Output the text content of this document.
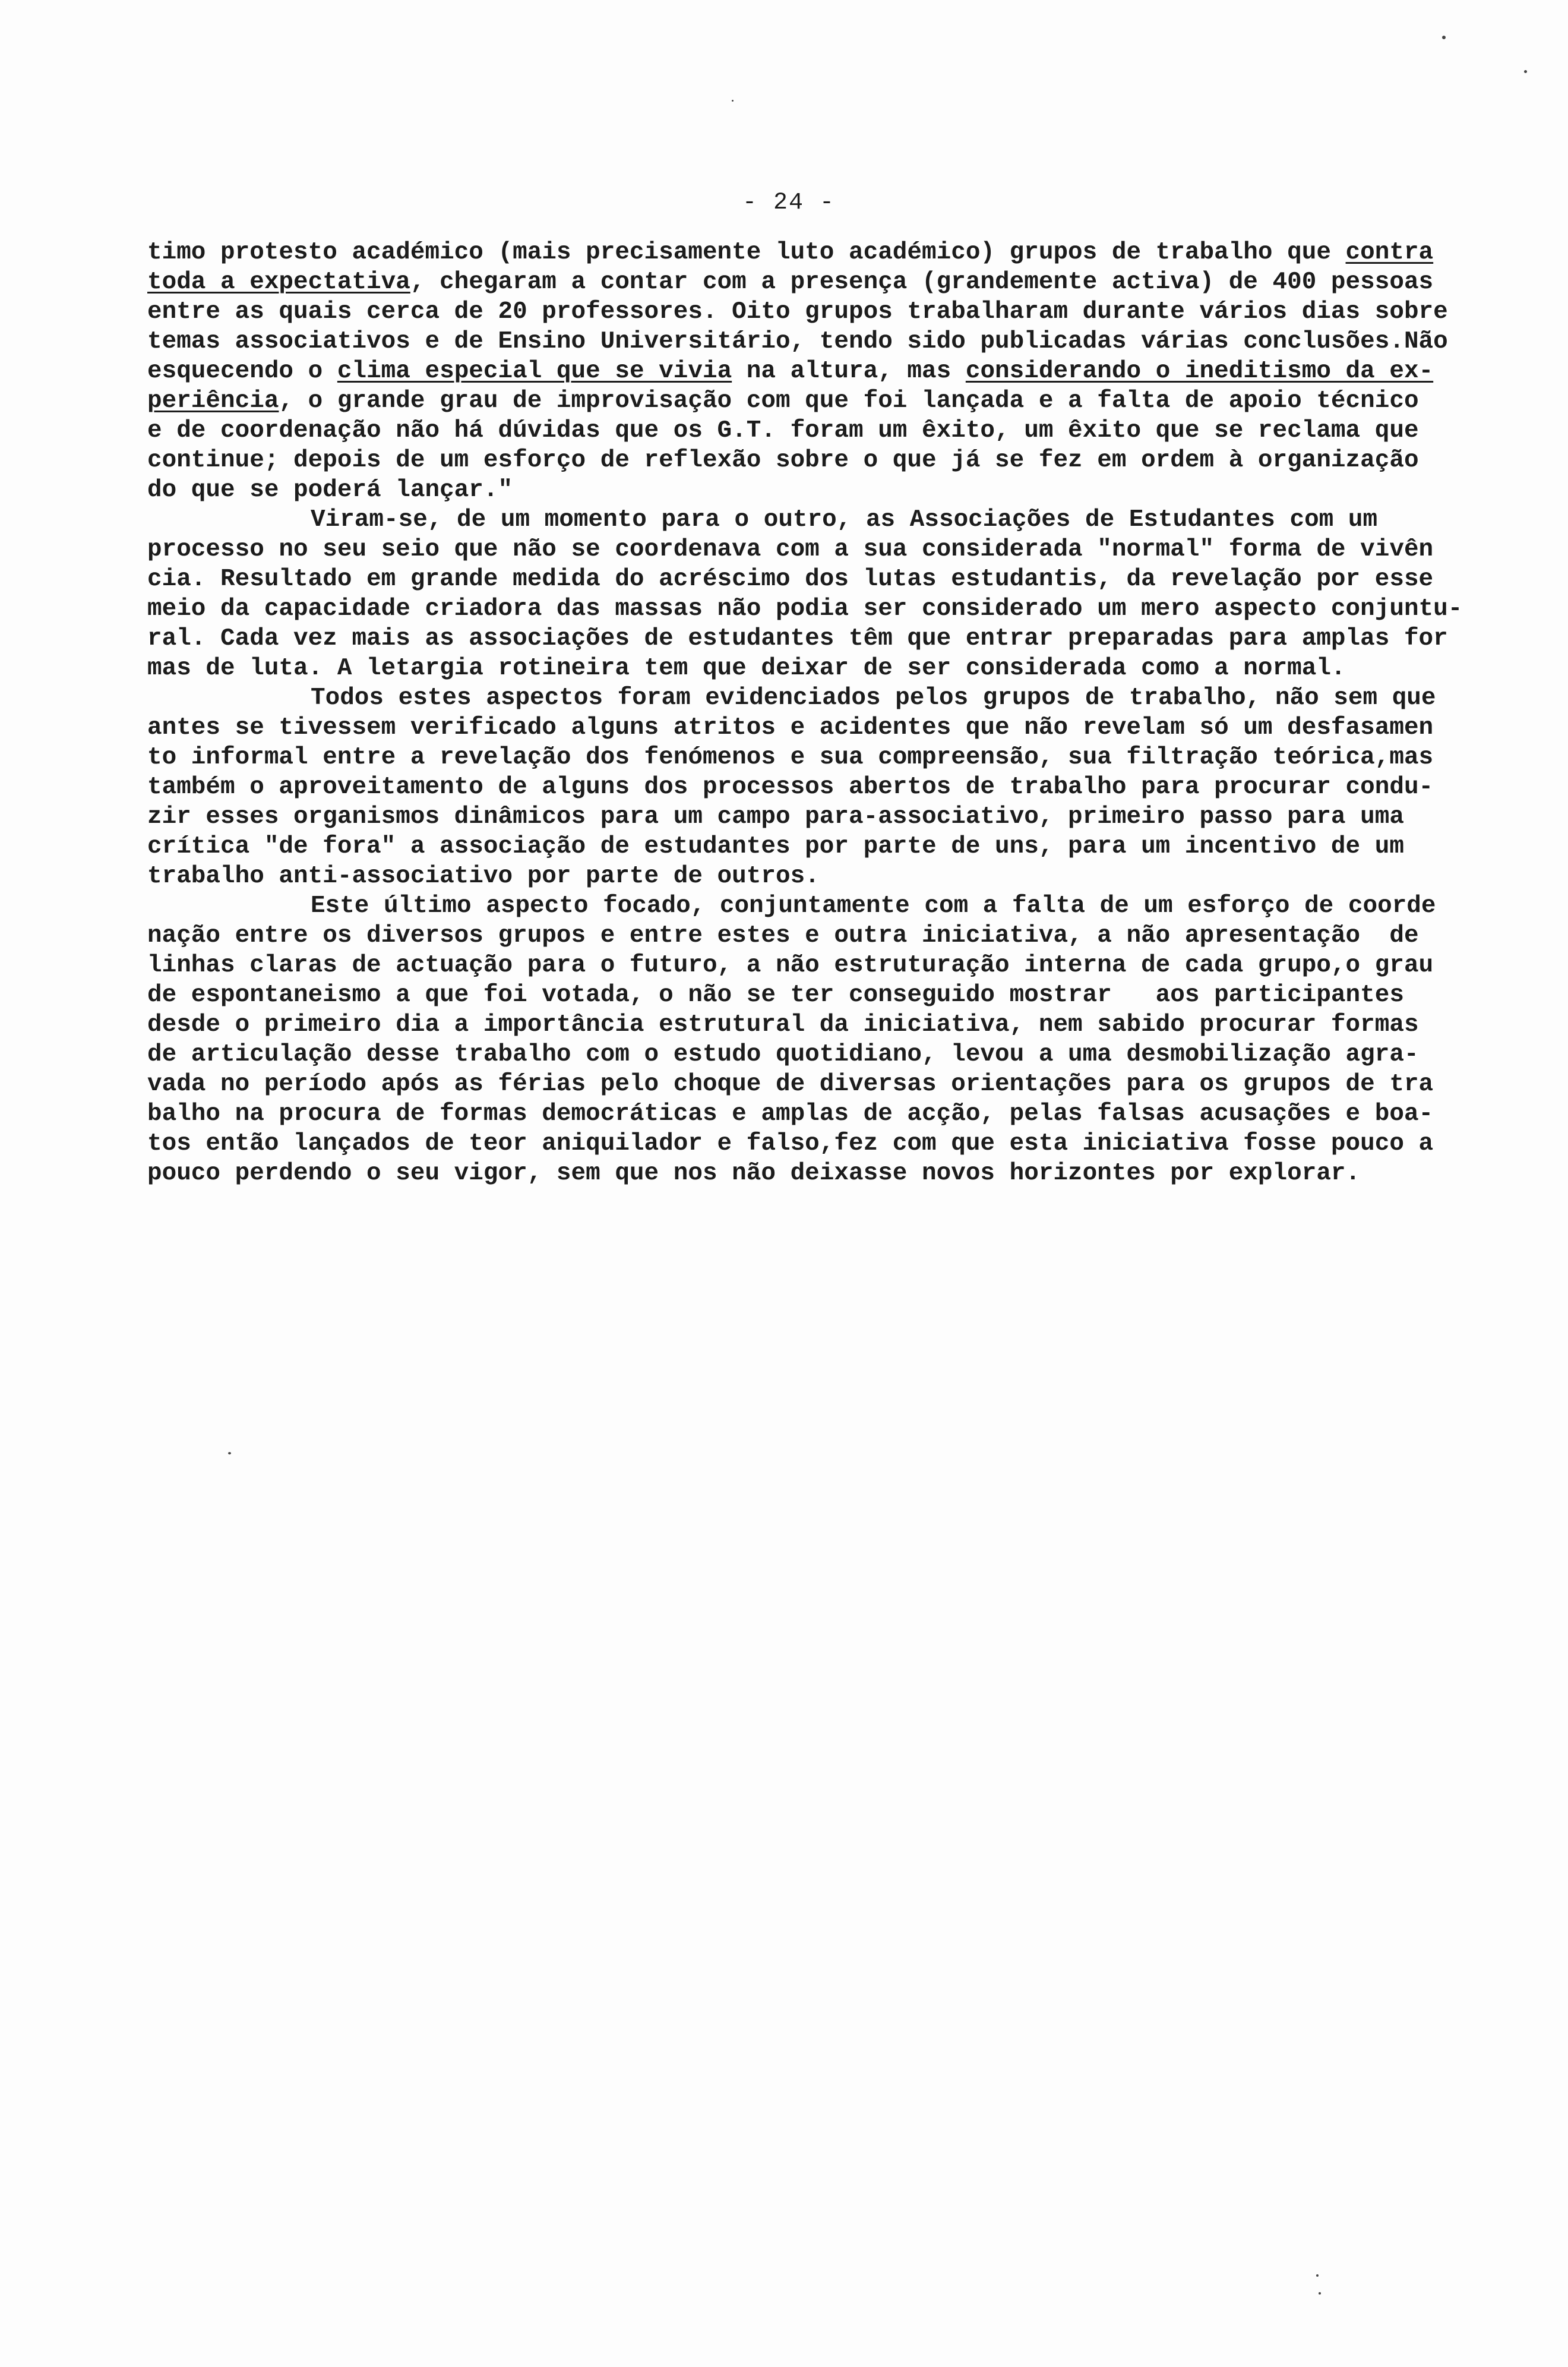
- 24 -
timo protesto académico (mais precisamente luto académico) grupos de trabalho que contra
toda a expectativa, chegaram a contar com a presença (grandemente activa) de 400 pessoas
entre as quais cerca de 20 professores. Oito grupos trabalharam durante vários dias sobre
temas associativos e de Ensino Universitário, tendo sido publicadas várias conclusões.Não
esquecendo o clima especial que se vivia na altura, mas considerando o ineditismo da ex-
periência, o grande grau de improvisação com que foi lançada e a falta de apoio técnico
e de coordenação não há dúvidas que os G.T. foram um êxito, um êxito que se reclama que
continue; depois de um esforço de reflexão sobre o que já se fez em ordem à organização
do que se poderá lançar."
Viram-se, de um momento para o outro, as Associações de Estudantes com um
processo no seu seio que não se coordenava com a sua considerada "normal" forma de vivên
cia. Resultado em grande medida do acréscimo dos lutas estudantis, da revelação por esse
meio da capacidade criadora das massas não podia ser considerado um mero aspecto conjuntu-
ral. Cada vez mais as associações de estudantes têm que entrar preparadas para amplas for
mas de luta. A letargia rotineira tem que deixar de ser considerada como a normal.
Todos estes aspectos foram evidenciados pelos grupos de trabalho, não sem que
antes se tivessem verificado alguns atritos e acidentes que não revelam só um desfasamen
to informal entre a revelação dos fenómenos e sua compreensão, sua filtração teórica,mas
também o aproveitamento de alguns dos processos abertos de trabalho para procurar condu-
zir esses organismos dinâmicos para um campo para-associativo, primeiro passo para uma
crítica "de fora" a associação de estudantes por parte de uns, para um incentivo de um
trabalho anti-associativo por parte de outros.
Este último aspecto focado, conjuntamente com a falta de um esforço de coorde
nação entre os diversos grupos e entre estes e outra iniciativa, a não apresentação  de
linhas claras de actuação para o futuro, a não estruturação interna de cada grupo,o grau
de espontaneismo a que foi votada, o não se ter conseguido mostrar   aos participantes
desde o primeiro dia a importância estrutural da iniciativa, nem sabido procurar formas
de articulação desse trabalho com o estudo quotidiano, levou a uma desmobilização agra-
vada no período após as férias pelo choque de diversas orientações para os grupos de tra
balho na procura de formas democráticas e amplas de acção, pelas falsas acusações e boa-
tos então lançados de teor aniquilador e falso,fez com que esta iniciativa fosse pouco a
pouco perdendo o seu vigor, sem que nos não deixasse novos horizontes por explorar.
